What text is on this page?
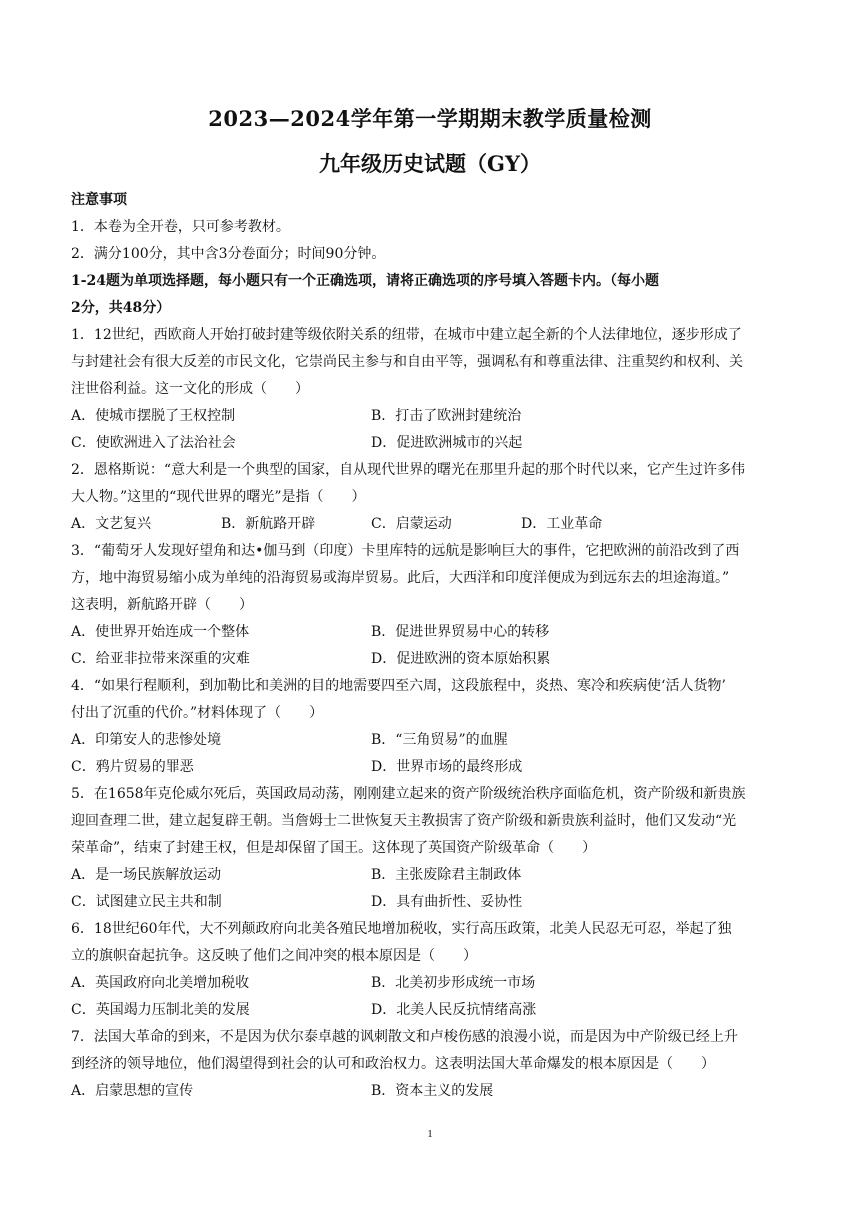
2023—2024学年第一学期期末教学质量检测
九年级历史试题（GY）
注意事项
1．本卷为全开卷，只可参考教材。
2．满分100分，其中含3分卷面分；时间90分钟。
1-24题为单项选择题，每小题只有一个正确选项，请将正确选项的序号填入答题卡内。（每小题
2分，共48分）
1．12世纪，西欧商人开始打破封建等级依附关系的纽带，在城市中建立起全新的个人法律地位，逐步形成了
与封建社会有很大反差的市民文化，它崇尚民主参与和自由平等，强调私有和尊重法律、注重契约和权利、关
注世俗利益。这一文化的形成（　　）
A．使城市摆脱了王权控制	B．打击了欧洲封建统治
C．使欧洲进入了法治社会	D．促进欧洲城市的兴起
2．恩格斯说：“意大利是一个典型的国家，自从现代世界的曙光在那里升起的那个时代以来，它产生过许多伟
大人物。”这里的“现代世界的曙光”是指（　　）
A．文艺复兴	B．新航路开辟	C．启蒙运动	D．工业革命
3．“葡萄牙人发现好望角和达•伽马到（印度）卡里库特的远航是影响巨大的事件，它把欧洲的前沿改到了西
方，地中海贸易缩小成为单纯的沿海贸易或海岸贸易。此后，大西洋和印度洋便成为到远东去的坦途海道。”
这表明，新航路开辟（　　）
A．使世界开始连成一个整体	B．促进世界贸易中心的转移
C．给亚非拉带来深重的灾难	D．促进欧洲的资本原始积累
4．“如果行程顺利，到加勒比和美洲的目的地需要四至六周，这段旅程中，炎热、寒冷和疾病使‘活人货物’
付出了沉重的代价。”材料体现了（　　）
A．印第安人的悲惨处境	B．“三角贸易”的血腥
C．鸦片贸易的罪恶	D．世界市场的最终形成
5．在1658年克伦威尔死后，英国政局动荡，刚刚建立起来的资产阶级统治秩序面临危机，资产阶级和新贵族
迎回查理二世，建立起复辟王朝。当詹姆士二世恢复天主教损害了资产阶级和新贵族利益时，他们又发动“光
荣革命”，结束了封建王权，但是却保留了国王。这体现了英国资产阶级革命（　　）
A．是一场民族解放运动	B．主张废除君主制政体
C．试图建立民主共和制	D．具有曲折性、妥协性
6．18世纪60年代，大不列颠政府向北美各殖民地增加税收，实行高压政策，北美人民忍无可忍，举起了独
立的旗帜奋起抗争。这反映了他们之间冲突的根本原因是（　　）
A．英国政府向北美增加税收	B．北美初步形成统一市场
C．英国竭力压制北美的发展	D．北美人民反抗情绪高涨
7．法国大革命的到来，不是因为伏尔泰卓越的讽刺散文和卢梭伤感的浪漫小说，而是因为中产阶级已经上升
到经济的领导地位，他们渴望得到社会的认可和政治权力。这表明法国大革命爆发的根本原因是（　　）
A．启蒙思想的宣传	B．资本主义的发展
1
